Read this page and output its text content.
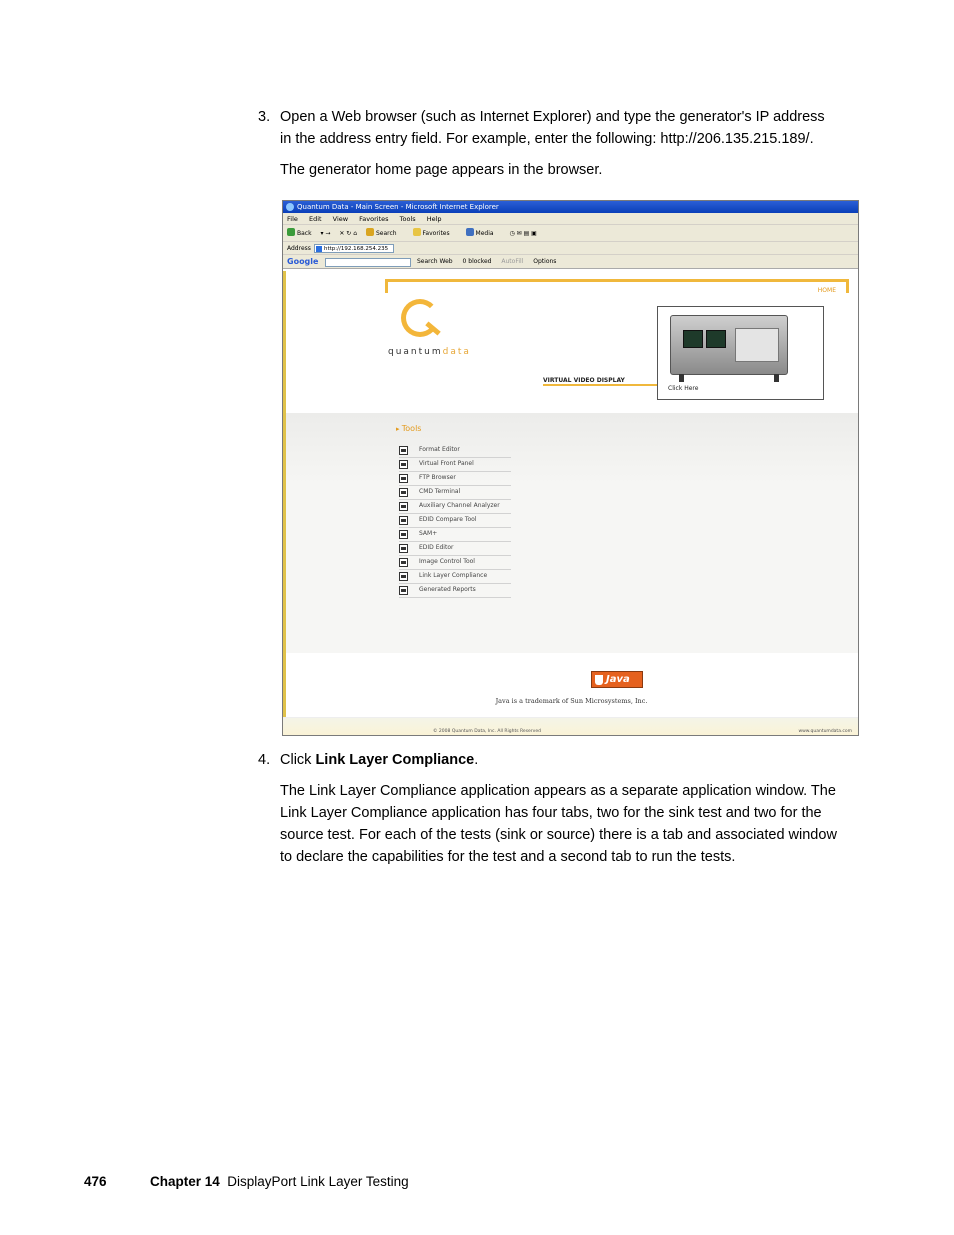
3. Open a Web browser (such as Internet Explorer) and type the generator's IP address
in the address entry field. For example, enter the following: http://206.135.215.189/.
The generator home page appears in the browser.
Quantum Data - Main Screen - Microsoft Internet Explorer
File Edit View Favorites Tools Help
Back ▾ → ✕ ↻ ⌂	Search	Favorites	Media	◷ ✉ ▤ ▣
Address	http://192.168.254.235
Google	Search Web 0 blocked AutoFill Options
HOME
quantumdata
VIRTUAL VIDEO DISPLAY
Click Here
▸ Tools
Format Editor
Virtual Front Panel
FTP Browser
CMD Terminal
Auxiliary Channel Analyzer
EDID Compare Tool
SAM+
EDID Editor
Image Control Tool
Link Layer Compliance
Generated Reports
Java
Java is a trademark of Sun Microsystems, Inc.
© 2008 Quantum Data, Inc. All Rights Reserved	www.quantumdata.com
4. Click Link Layer Compliance.
The Link Layer Compliance application appears as a separate application window. The
Link Layer Compliance application has four tabs, two for the sink test and two for the
source test. For each of the tests (sink or source) there is a tab and associated window
to declare the capabilities for the test and a second tab to run the tests.
476	Chapter 14 DisplayPort Link Layer Testing
